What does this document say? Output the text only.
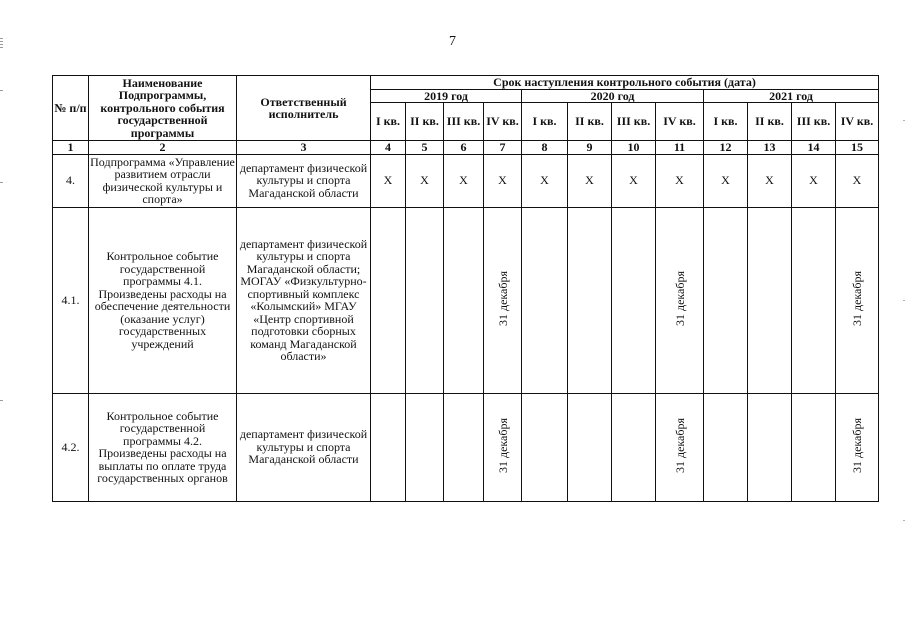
7
№ п/п	Наименование Подпрограммы, контрольного события государственной программы	Ответственный исполнитель	Срок наступления контрольного события (дата)											
			2019 год				2020 год				2021 год			
			I кв.	II кв.	III кв.	IV кв.	I кв.	II кв.	III кв.	IV кв.	I кв.	II кв.	III кв.	IV кв.
1	2	3	4	5	6	7	8	9	10	11	12	13	14	15
4.	Подпрограмма «Управление развитием отрасли физической культуры и спорта»	департамент физической культуры и спорта Магаданской области	X	X	X	X	X	X	X	X	X	X	X	X
4.1.	Контрольное событие государственной программы 4.1. Произведены расходы на обеспечение деятельности (оказание услуг) государственных учреждений	департамент физической культуры и спорта Магаданской области; МОГАУ «Физкультурно-спортивный комплекс «Колымский» МГАУ «Центр спортивной подготовки сборных команд Магаданской области»				31 декабря				31 декабря				31 декабря
4.2.	Контрольное событие государственной программы 4.2. Произведены расходы на выплаты по оплате труда государственных органов	департамент физической культуры и спорта Магаданской области				31 декабря				31 декабря				31 декабря
